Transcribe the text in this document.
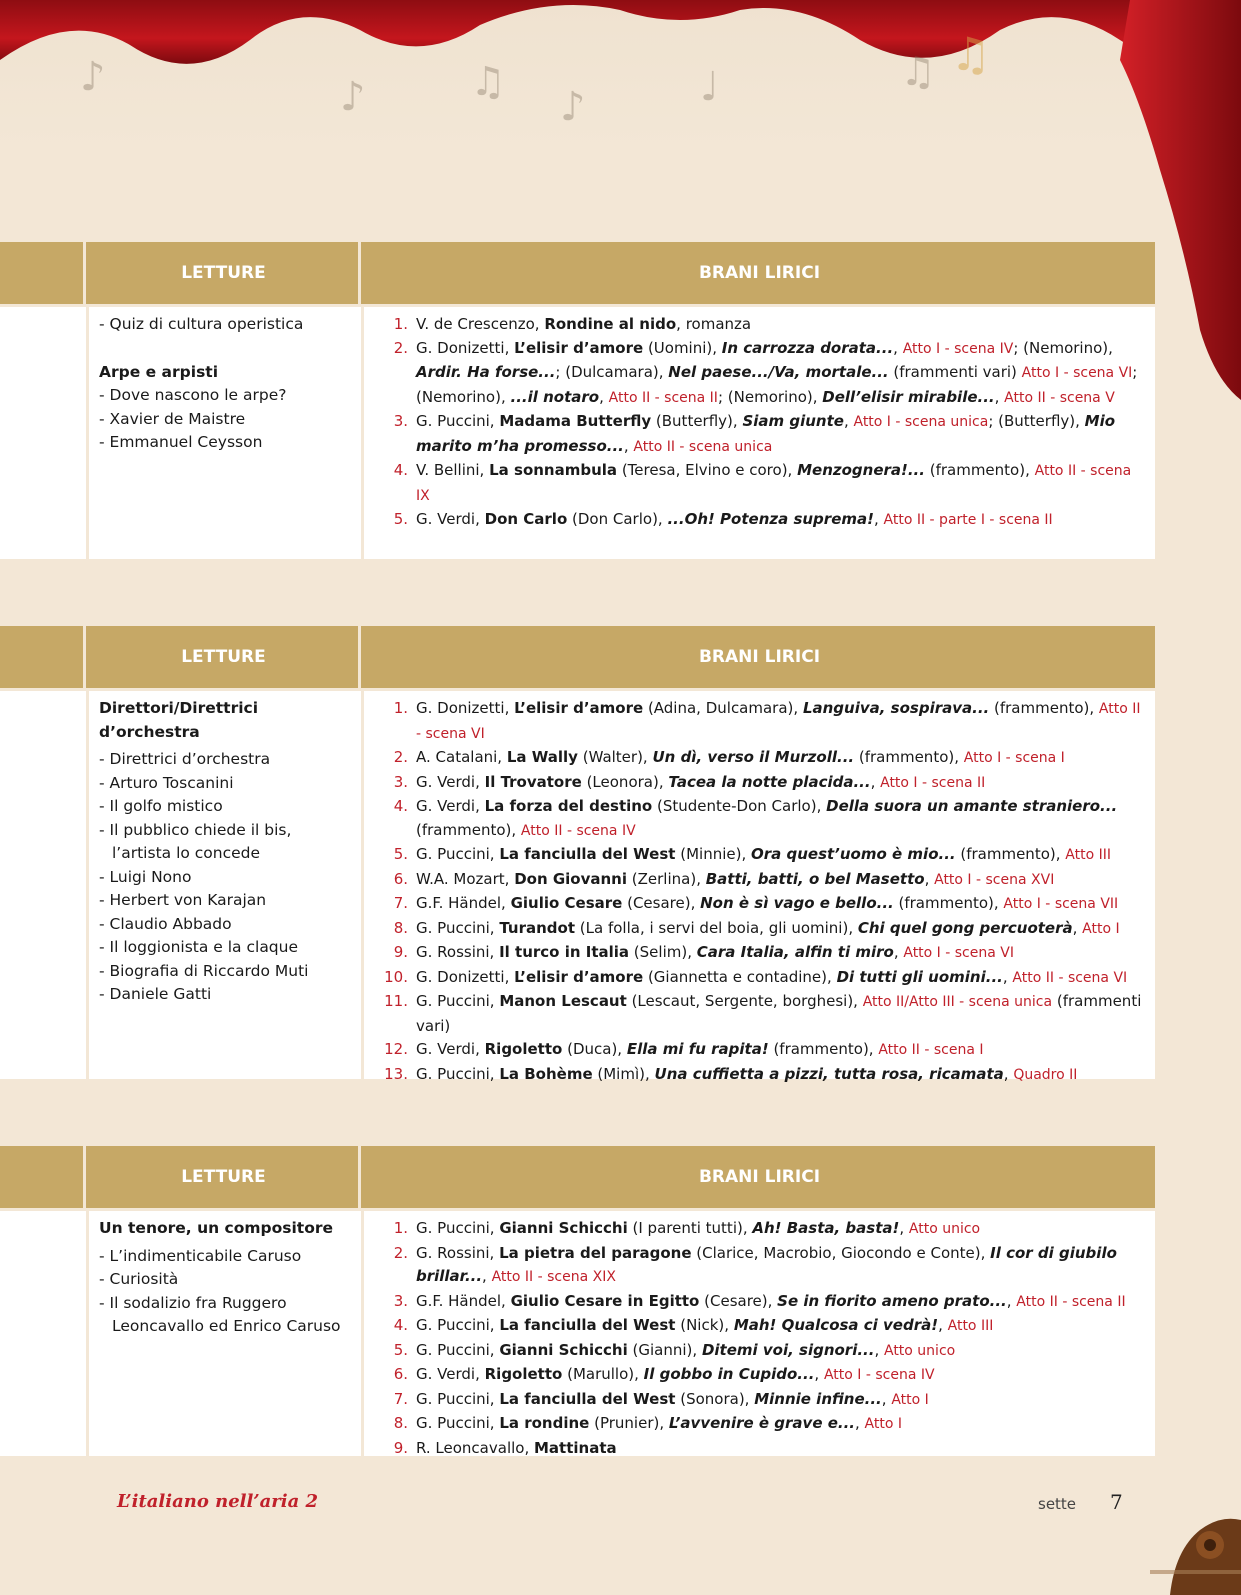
♪	♫
♪	♩	♫
♪	♫
LETTURE	BRANI LIRICI
- Quiz di cultura operistica
Arpe e arpisti
- Dove nascono le arpe?
- Xavier de Maistre
- Emmanuel Ceysson
1. V. de Crescenzo, Rondine al nido, romanza
2. G. Donizetti, L’elisir d’amore (Uomini), In carrozza dorata..., Atto I - scena IV; (Nemorino), Ardir. Ha forse...; (Dulcamara), Nel paese.../Va, mortale... (frammenti vari) Atto I - scena VI; (Nemorino), ...il notaro, Atto II - scena II; (Nemorino), Dell’elisir mirabile..., Atto II - scena V
3. G. Puccini, Madama Butterfly (Butterfly), Siam giunte, Atto I - scena unica; (Butterfly), Mio marito m’ha promesso..., Atto II - scena unica
4. V. Bellini, La sonnambula (Teresa, Elvino e coro), Menzognera!... (frammento), Atto II - scena IX
5. G. Verdi, Don Carlo (Don Carlo), ...Oh! Potenza suprema!, Atto II - parte I - scena II
LETTURE	BRANI LIRICI
Direttori/Direttrici d’orchestra
- Direttrici d’orchestra
- Arturo Toscanini
- Il golfo mistico
- Il pubblico chiede il bis, l’artista lo concede
- Luigi Nono
- Herbert von Karajan
- Claudio Abbado
- Il loggionista e la claque
- Biografia di Riccardo Muti
- Daniele Gatti
1. G. Donizetti, L’elisir d’amore (Adina, Dulcamara), Languiva, sospirava... (frammento), Atto II - scena VI
2. A. Catalani, La Wally (Walter), Un dì, verso il Murzoll... (frammento), Atto I - scena I
3. G. Verdi, Il Trovatore (Leonora), Tacea la notte placida..., Atto I - scena II
4. G. Verdi, La forza del destino (Studente-Don Carlo), Della suora un amante straniero... (frammento), Atto II - scena IV
5. G. Puccini, La fanciulla del West (Minnie), Ora quest’uomo è mio... (frammento), Atto III
6. W.A. Mozart, Don Giovanni (Zerlina), Batti, batti, o bel Masetto, Atto I - scena XVI
7. G.F. Händel, Giulio Cesare (Cesare), Non è sì vago e bello... (frammento), Atto I - scena VII
8. G. Puccini, Turandot (La folla, i servi del boia, gli uomini), Chi quel gong percuoterà, Atto I
9. G. Rossini, Il turco in Italia (Selim), Cara Italia, alfin ti miro, Atto I - scena VI
10. G. Donizetti, L’elisir d’amore (Giannetta e contadine), Di tutti gli uomini..., Atto II - scena VI
11. G. Puccini, Manon Lescaut (Lescaut, Sergente, borghesi), Atto II/Atto III - scena unica (frammenti vari)
12. G. Verdi, Rigoletto (Duca), Ella mi fu rapita! (frammento), Atto II - scena I
13. G. Puccini, La Bohème (Mimì), Una cuffietta a pizzi, tutta rosa, ricamata, Quadro II
LETTURE	BRANI LIRICI
Un tenore, un compositore
- L’indimenticabile Caruso
- Curiosità
- Il sodalizio fra Ruggero Leoncavallo ed Enrico Caruso
1. G. Puccini, Gianni Schicchi (I parenti tutti), Ah! Basta, basta!, Atto unico
2. G. Rossini, La pietra del paragone (Clarice, Macrobio, Giocondo e Conte), Il cor di giubilo brillar..., Atto II - scena XIX
3. G.F. Händel, Giulio Cesare in Egitto (Cesare), Se in fiorito ameno prato..., Atto II - scena II
4. G. Puccini, La fanciulla del West (Nick), Mah! Qualcosa ci vedrà!, Atto III
5. G. Puccini, Gianni Schicchi (Gianni), Ditemi voi, signori..., Atto unico
6. G. Verdi, Rigoletto (Marullo), Il gobbo in Cupido..., Atto I - scena IV
7. G. Puccini, La fanciulla del West (Sonora), Minnie infine..., Atto I
8. G. Puccini, La rondine (Prunier), L’avvenire è grave e..., Atto I
9. R. Leoncavallo, Mattinata
L’italiano nell’aria 2	sette 7
